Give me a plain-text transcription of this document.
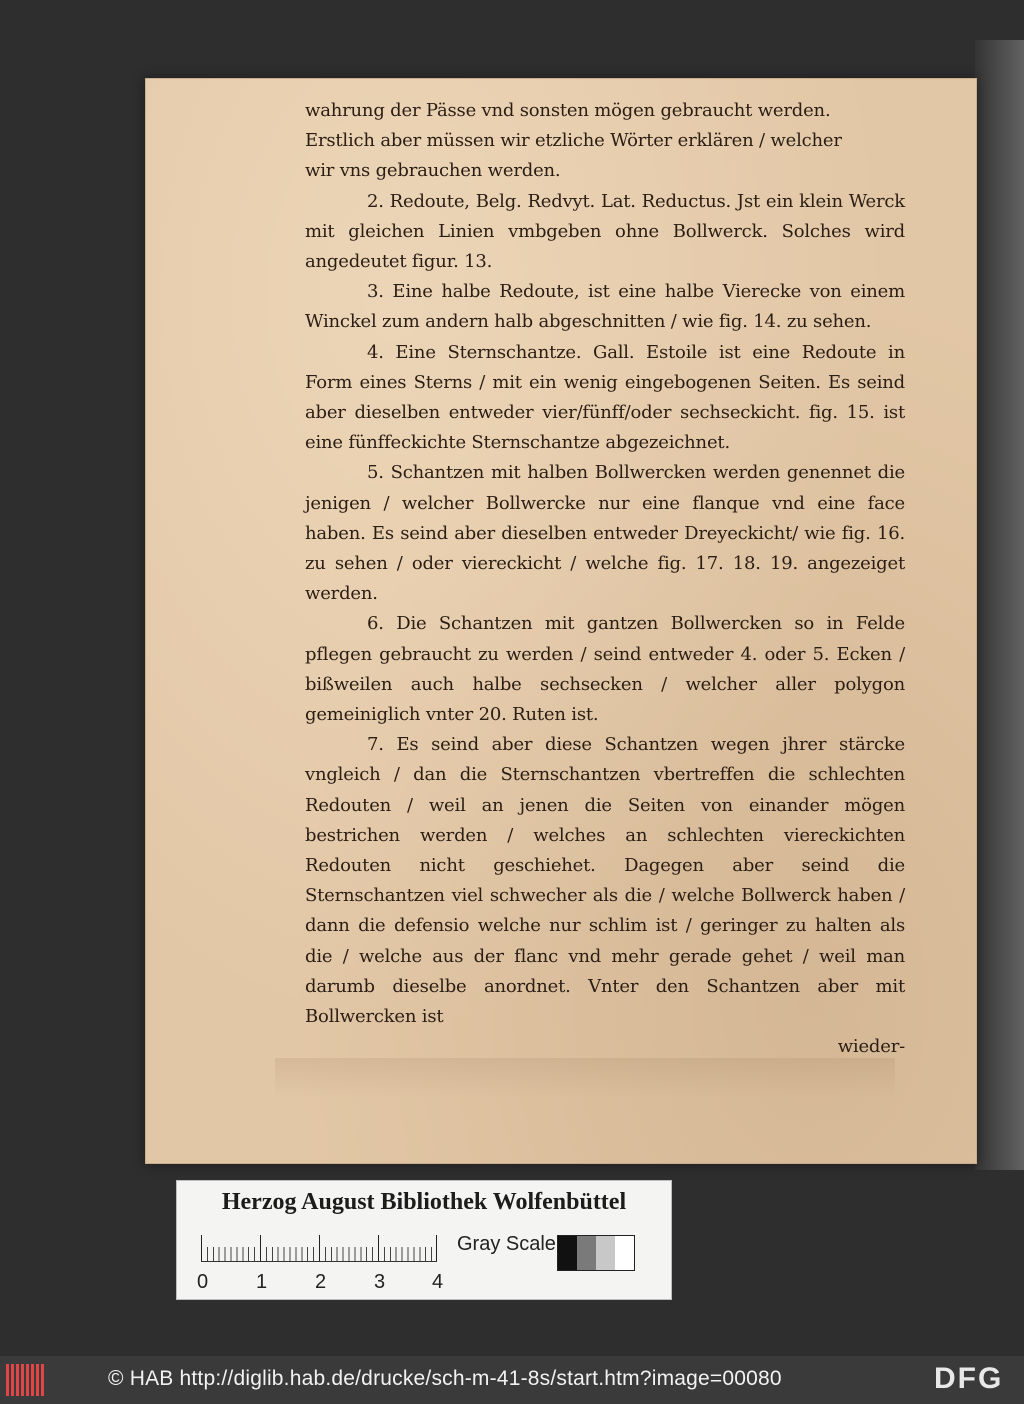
wahrung der Pässe vnd sonsten mögen gebraucht werden.

Erstlich aber müssen wir etzliche Wörter erklären / welcher

wir vns gebrauchen werden.

2. Redoute, Belg. Redvyt. Lat. Reductus. Jst ein klein Werck mit gleichen Linien vmbgeben ohne Bollwerck. Solches wird angedeutet figur. 13.

3. Eine halbe Redoute, ist eine halbe Vierecke von einem Winckel zum andern halb abgeschnitten / wie fig. 14. zu sehen.

4. Eine Sternschantze. Gall. Estoile ist eine Redoute in Form eines Sterns / mit ein wenig eingebogenen Seiten. Es seind aber dieselben entweder vier/fünff/oder sechseckicht. fig. 15. ist eine fünffeckichte Sternschantze abgezeichnet.

5. Schantzen mit halben Bollwercken werden genennet die jenigen / welcher Bollwercke nur eine flanque vnd eine face haben. Es seind aber dieselben entweder Dreyeckicht/ wie fig. 16. zu sehen / oder viereckicht / welche fig. 17. 18. 19. angezeiget werden.

6. Die Schantzen mit gantzen Bollwercken so in Felde pflegen gebraucht zu werden / seind entweder 4. oder 5. Ecken / bißweilen auch halbe sechsecken / welcher aller polygon gemeiniglich vnter 20. Ruten ist.

7. Es seind aber diese Schantzen wegen jhrer stärcke vngleich / dan die Sternschantzen vbertreffen die schlechten Redouten / weil an jenen die Seiten von einander mögen bestrichen werden / welches an schlechten viereckichten Redouten nicht geschiehet. Dagegen aber seind die Sternschantzen viel schwecher als die / welche Bollwerck haben / dann die defensio welche nur schlim ist / geringer zu halten als die / welche aus der flanc vnd mehr gerade gehet / weil man darumb dieselbe anordnet. Vnter den Schantzen aber mit Bollwercken ist

wieder-

Herzog August Bibliothek Wolfenbüttel
0 1 2 3 4
Gray Scale
© HAB http://diglib.hab.de/drucke/sch-m-41-8s/start.htm?image=00080	DFG
